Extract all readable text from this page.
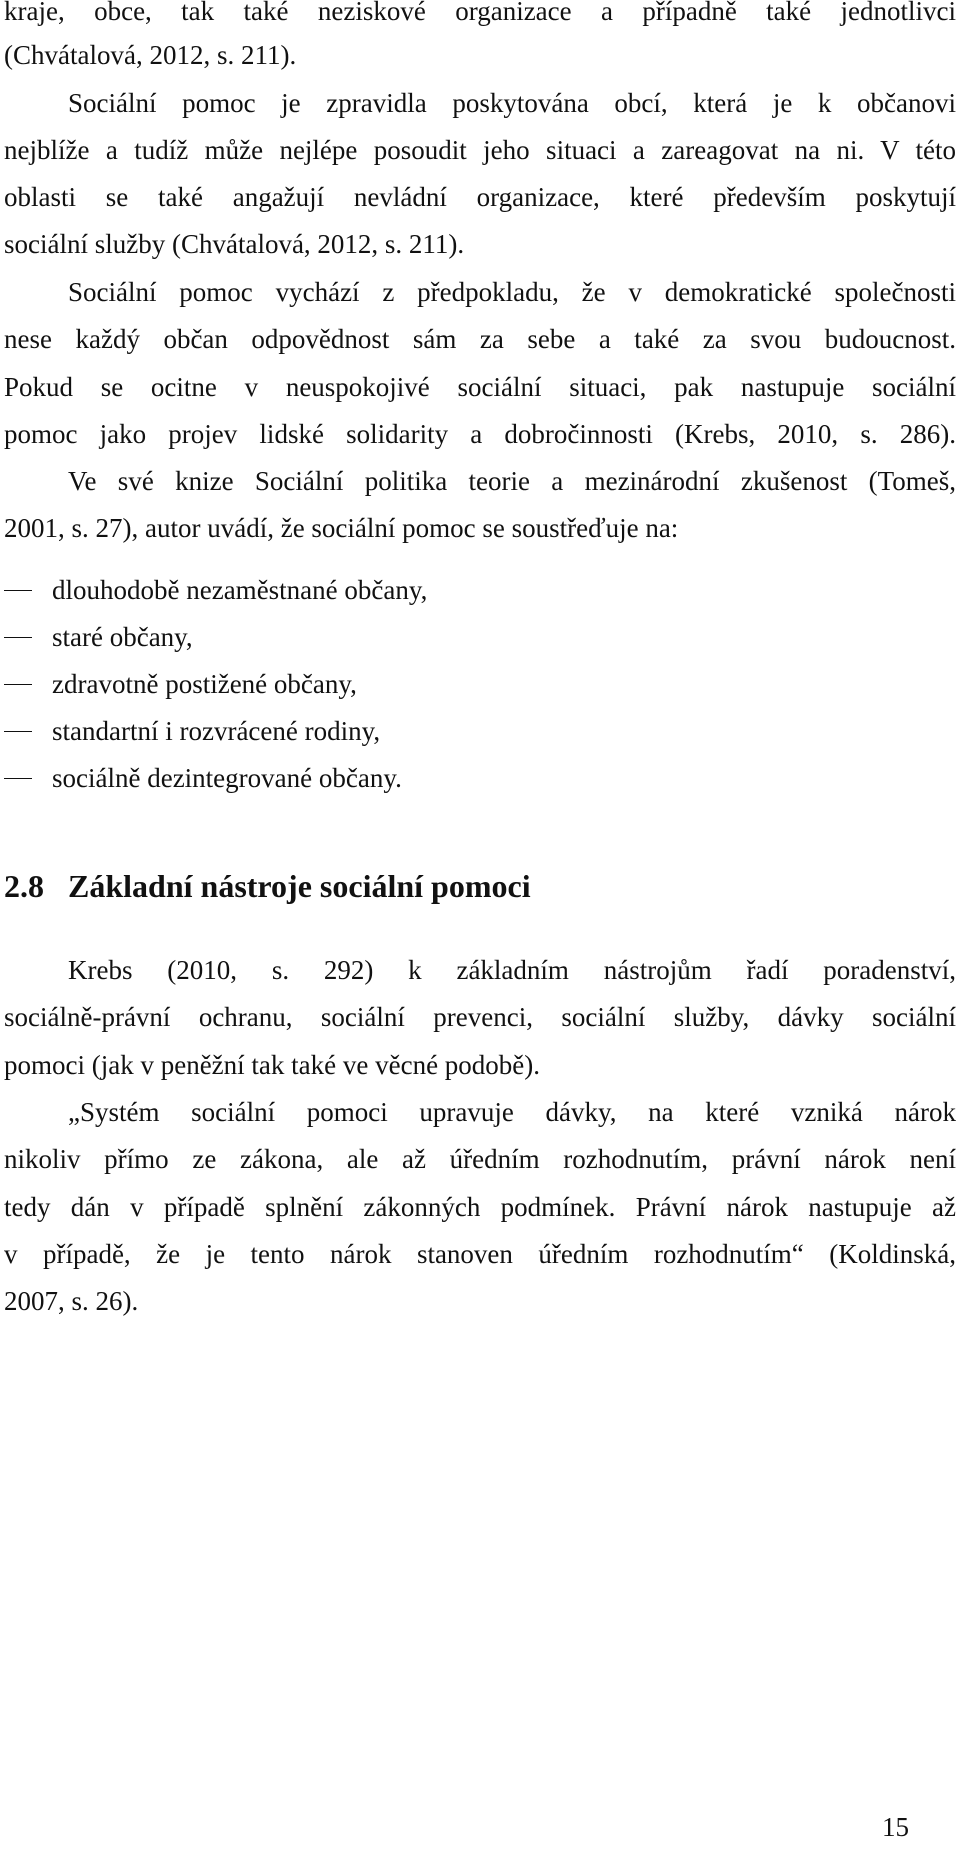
kraje, obce, tak také neziskové organizace a případně také jednotlivci
(Chvátalová, 2012, s. 211).
Sociální pomoc je zpravidla poskytována obcí, která je k občanovi
nejblíže a tudíž může nejlépe posoudit jeho situaci a zareagovat na ni. V této
oblasti se také angažují nevládní organizace, které především poskytují
sociální služby (Chvátalová, 2012, s. 211).
Sociální pomoc vychází z předpokladu, že v demokratické společnosti
nese každý občan odpovědnost sám za sebe a také za svou budoucnost.
Pokud se ocitne v neuspokojivé sociální situaci, pak nastupuje sociální
pomoc jako projev lidské solidarity a dobročinnosti (Krebs, 2010, s. 286).
Ve své knize Sociální politika teorie a mezinárodní zkušenost (Tomeš,
2001, s. 27), autor uvádí, že sociální pomoc se soustřeďuje na:
dlouhodobě nezaměstnané občany,
staré občany,
zdravotně postižené občany,
standartní i rozvrácené rodiny,
sociálně dezintegrované občany.
2.8 Základní nástroje sociální pomoci
Krebs (2010, s. 292) k základním nástrojům řadí poradenství,
sociálně-právní ochranu, sociální prevenci, sociální služby, dávky sociální
pomoci (jak v peněžní tak také ve věcné podobě).
„Systém sociální pomoci upravuje dávky, na které vzniká nárok
nikoliv přímo ze zákona, ale až úředním rozhodnutím, právní nárok není
tedy dán v případě splnění zákonných podmínek. Právní nárok nastupuje až
v případě, že je tento nárok stanoven úředním rozhodnutím“ (Koldinská,
2007, s. 26).
15
